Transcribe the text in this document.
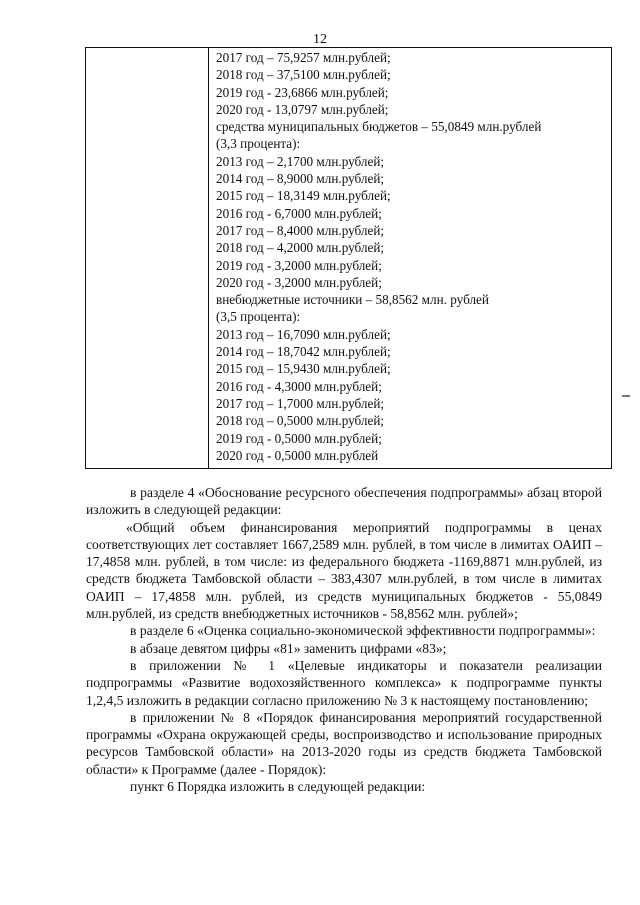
12
2017 год – 75,9257 млн.рублей;
2018 год – 37,5100 млн.рублей;
2019 год - 23,6866 млн.рублей;
2020 год - 13,0797 млн.рублей;
средства муниципальных бюджетов – 55,0849 млн.рублей
(3,3 процента):
2013 год – 2,1700 млн.рублей;
2014 год – 8,9000 млн.рублей;
2015 год – 18,3149 млн.рублей;
2016 год - 6,7000 млн.рублей;
2017 год – 8,4000 млн.рублей;
2018 год – 4,2000 млн.рублей;
2019 год - 3,2000 млн.рублей;
2020 год - 3,2000 млн.рублей;
внебюджетные источники – 58,8562 млн. рублей
(3,5 процента):
2013 год – 16,7090 млн.рублей;
2014 год – 18,7042 млн.рублей;
2015 год – 15,9430 млн.рублей;
2016 год - 4,3000 млн.рублей;
2017 год – 1,7000 млн.рублей;
2018 год – 0,5000 млн.рублей;
2019 год - 0,5000 млн.рублей;
2020 год - 0,5000 млн.рублей

в разделе 4 «Обоснование ресурсного обеспечения подпрограммы» абзац второй изложить в следующей редакции:

«Общий объем финансирования мероприятий подпрограммы в ценах соответствующих лет составляет 1667,2589 млн. рублей, в том числе в лимитах ОАИП – 17,4858 млн. рублей, в том числе: из федерального бюджета -1169,8871 млн.рублей, из средств бюджета Тамбовской области – 383,4307 млн.рублей, в том числе в лимитах ОАИП – 17,4858 млн. рублей, из средств муниципальных бюджетов - 55,0849 млн.рублей, из средств внебюджетных источников - 58,8562 млн. рублей»;

в разделе 6 «Оценка социально-экономической эффективности подпрограммы»:

в абзаце девятом цифры «81» заменить цифрами «83»;

в приложении № 1 «Целевые индикаторы и показатели реализации подпрограммы «Развитие водохозяйственного комплекса» к подпрограмме пункты 1,2,4,5 изложить в редакции согласно приложению № 3 к настоящему постановлению;

в приложении № 8 «Порядок финансирования мероприятий государственной программы «Охрана окружающей среды, воспроизводство и использование природных ресурсов Тамбовской области» на 2013-2020 годы из средств бюджета Тамбовской области» к Программе (далее - Порядок):

пункт 6 Порядка изложить в следующей редакции:
